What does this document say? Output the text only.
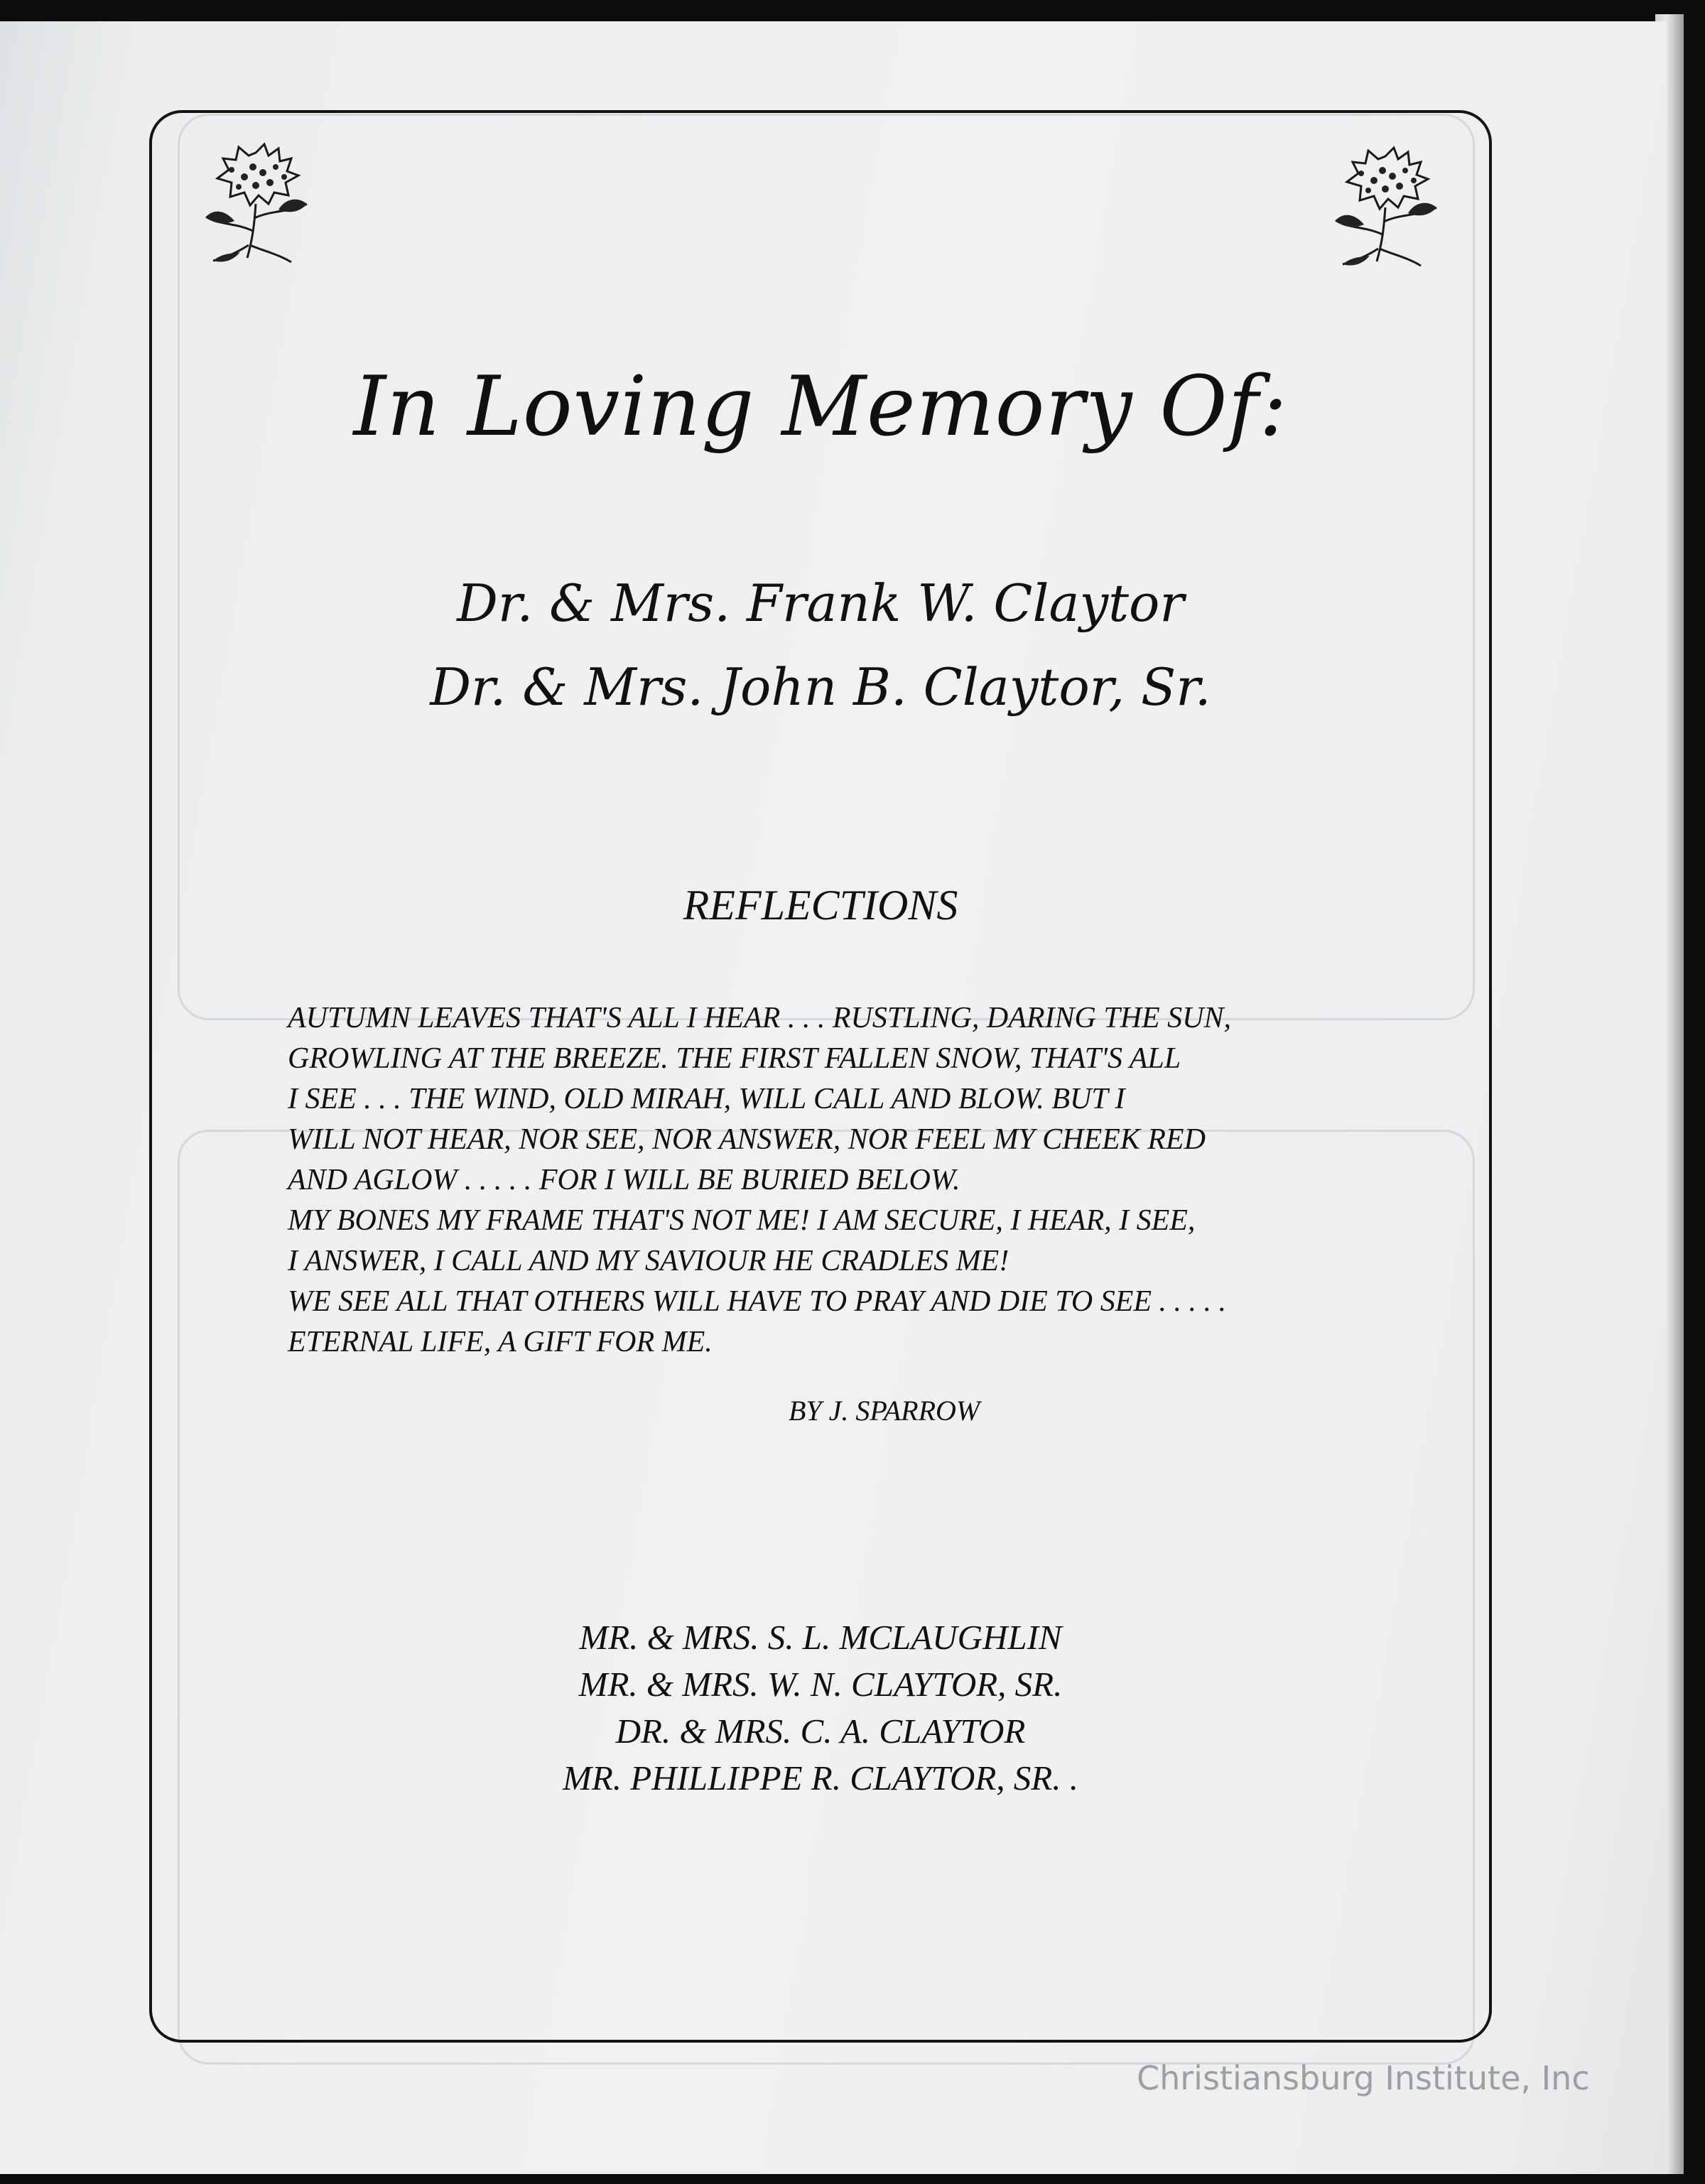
In Loving Memory Of:
Dr. & Mrs. Frank W. Claytor
Dr. & Mrs. John B. Claytor, Sr.
REFLECTIONS
AUTUMN LEAVES THAT'S ALL I HEAR . . . RUSTLING, DARING THE SUN,
GROWLING AT THE BREEZE. THE FIRST FALLEN SNOW, THAT'S ALL
I SEE . . . THE WIND, OLD MIRAH, WILL CALL AND BLOW. BUT I
WILL NOT HEAR, NOR SEE, NOR ANSWER, NOR FEEL MY CHEEK RED
AND AGLOW . . . . . FOR I WILL BE BURIED BELOW.
MY BONES MY FRAME THAT'S NOT ME! I AM SECURE, I HEAR, I SEE,
I ANSWER, I CALL AND MY SAVIOUR HE CRADLES ME!
WE SEE ALL THAT OTHERS WILL HAVE TO PRAY AND DIE TO SEE . . . . .
ETERNAL LIFE, A GIFT FOR ME.
BY J. SPARROW
MR. & MRS. S. L. MCLAUGHLIN
MR. & MRS. W. N. CLAYTOR, SR.
DR. & MRS. C. A. CLAYTOR
MR. PHILLIPPE R. CLAYTOR, SR. .
Christiansburg Institute, Inc
